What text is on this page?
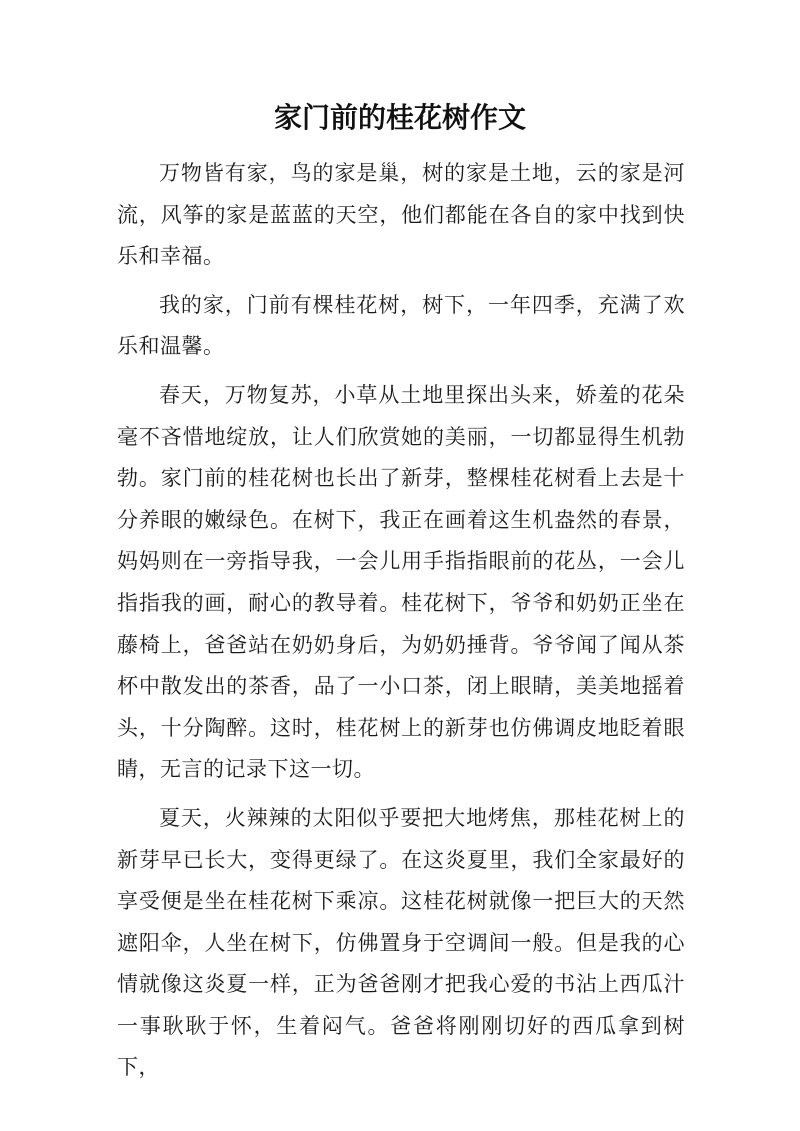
家门前的桂花树作文

万物皆有家，鸟的家是巢，树的家是土地，云的家是河流，风筝的家是蓝蓝的天空，他们都能在各自的家中找到快乐和幸福。

我的家，门前有棵桂花树，树下，一年四季，充满了欢乐和温馨。

春天，万物复苏，小草从土地里探出头来，娇羞的花朵毫不吝惜地绽放，让人们欣赏她的美丽，一切都显得生机勃勃。家门前的桂花树也长出了新芽，整棵桂花树看上去是十分养眼的嫩绿色。在树下，我正在画着这生机盎然的春景，妈妈则在一旁指导我，一会儿用手指指眼前的花丛，一会儿指指我的画，耐心的教导着。桂花树下，爷爷和奶奶正坐在藤椅上，爸爸站在奶奶身后，为奶奶捶背。爷爷闻了闻从茶杯中散发出的茶香，品了一小口茶，闭上眼睛，美美地摇着头，十分陶醉。这时，桂花树上的新芽也仿佛调皮地眨着眼睛，无言的记录下这一切。

夏天，火辣辣的太阳似乎要把大地烤焦，那桂花树上的新芽早已长大，变得更绿了。在这炎夏里，我们全家最好的享受便是坐在桂花树下乘凉。这桂花树就像一把巨大的天然遮阳伞，人坐在树下，仿佛置身于空调间一般。但是我的心情就像这炎夏一样，正为爸爸刚才把我心爱的书沾上西瓜汁一事耿耿于怀，生着闷气。爸爸将刚刚切好的西瓜拿到树下，
